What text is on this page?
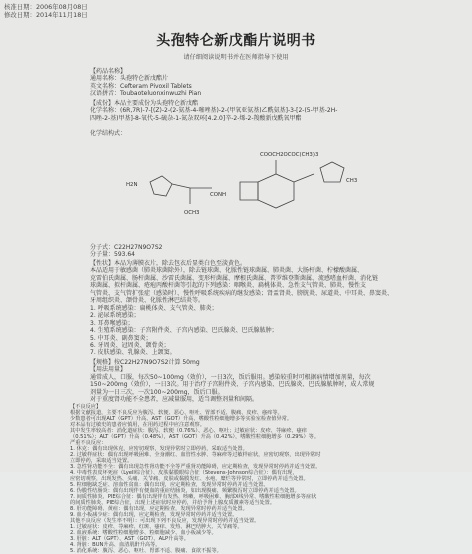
核准日期：2006年08月08日
修改日期：2014年11月18日
头孢特仑新戊酯片说明书
请仔细阅读说明书并在医师指导下使用
【药品名称】
通用名称：头孢特仑新戊酯片
英文名称：Cefteram Pivoxil Tablets
汉语拼音：Toubaoteluonxinwuzhi Pian
【成份】本品主要成份为头孢特仑新戊酯
化学名称：(6R,7R)-7-[(Z)-2-(2-氨基-4-噻唑基)-2-(甲氧亚氨基)乙酰氨基]-3-[2-(5-甲基-2H-
四唑-2-基)甲基]-8-氧代-5-硫杂-1-氮杂双环[4.2.0]辛-2-烯-2-羧酸新戊酰氧甲酯
化学结构式：
COOCH2OCOC(CH3)3
H2N
CONH
OCH3
CH3
分子式：C22H27N9O7S2
分子量：593.64
【性状】本品为薄膜衣片，除去包衣后显类白色至淡黄色。
本品适用于敏感菌（肺炎球菌除外），除去链球菌、化脓性链球菌属、肺炎菌、大肠杆菌、柠檬酸菌属、
克雷伯氏菌属、肠杆菌属、沙雷氏菌属、变形杆菌属、摩根氏菌属、普罗维登斯菌属、流感嗜血杆菌、消化链
球菌属、拟杆菌属、疮疱丙酸杆菌等引起的下列感染：咽喉炎、扁桃体炎、急性支气管炎、肺炎、慢性支
气管炎、支气管扩张症（感染时）、慢性呼吸系统疾病的继发感染；肾盂肾炎、膀胱炎、尿道炎、中耳炎、鼻窦炎、
牙周组织炎、颌骨炎、化脓性淋巴结炎等。
1. 呼吸系统感染：扁桃体炎、支气管炎、肺炎；
2. 泌尿系统感染；
3. 耳鼻喉感染；
4. 生殖系统感染：子宫附件炎、子宫内感染、巴氏腺炎、巴氏腺脓肿；
5. 中耳炎、副鼻窦炎；
6. 牙周炎、冠周炎、颌骨炎；
7. 皮肤感染、乳腺炎、上颌窦。
【规格】按C22H27N9O7S2计算 50mg
【用法用量】
通常成人，口服，每次50~100mg（效价），一日3次，饭后服用。感染较重时可根据病情增加剂量，每次
150~200mg（效价），一日3次。用于治疗子宫附件炎、子宫内感染、巴氏腺炎、巴氏腺脓肿时，成人常规
剂量为一日三次，一次100~200mg，饭后口服。
对于重度肾功能不全患者，应减量服用，适当调整剂量和间隔。
【不良反应】
根据文献报道，主要不良反应为腹泻、软便、恶心、呕吐、胃部不适、腹痛、皮疹、瘙痒等。
少数患者可出现ALT（GPT）升高、AST（GOT）升高、嗜酸性粒细胞增多等实验室检查值异常。
对本品有过敏史的患者应慎用，在用药过程中应注意观察。
其中发生率较高者：消化道症状：腹泻、软便（0.76%）、恶心、呕吐；过敏症状：皮疹、荨麻疹、瘙痒
（0.51%）；ALT（GPT）升高（0.48%），AST（GOT）升高（0.42%），嗜酸性粒细胞增多（0.29%）等。
严重不良反应：
1. 休克：偶有出现休克，应密切观察，发现异常时立即停药，采取适当处置。
2. 过敏样症状：偶有出现呼吸困难、全身潮红、血管性水肿、荨麻疹等过敏样症状，应密切观察，出现异常时
立即停药，采取适当处置。
3. 急性肾功能不全：偶有出现急性肾功能不全等严重肾功能障碍，应定期检查，发现异常时停药并适当处置。
4. 中毒性表皮坏死症（Lyell综合征）、皮肤黏膜眼综合征（Stevens-Johnson综合征）：偶有出现，
应密切观察，出现发热、头痛、关节痛、皮肤或黏膜发红、水疱、糜烂等异常时，立即停药并适当处置。
5. 粒细胞缺乏症、溶血性贫血：偶有出现，应定期检查，发现异常时停药并适当处置。
6. 伪膜性结肠炎：偶有出现伴有便血的重症结肠炎，如出现腹痛、频繁腹泻时立即停药并适当处置。
7. 间质性肺炎、PIE综合征：偶有出现伴有发热、咳嗽、呼吸困难、胸部X线异常、嗜酸性粒细胞增多等症状
的间质性肺炎、PIE综合征，出现上述症状时应停药，并给予肾上腺皮质激素等适当处置。
8. 肝功能障碍、黄疸：偶有出现，应定期检查，发现异常时停药并适当处置。
9. 血小板减少症：偶有出现，应定期检查，发现异常时停药并适当处置。
其他不良反应（发生率不明）：可出现下列不良反应，发现异常时停药并适当处置。
1. 过敏症状：皮疹、荨麻疹、红斑、瘙痒、发热、淋巴结肿大、关节痛等。
2. 血液系统：嗜酸性粒细胞增多、粒细胞减少、血小板减少等。
3. 肝脏：ALT（GPT）、AST（GOT）、ALP升高等。
4. 肾脏：BUN升高、血清肌酐升高等。
5. 消化系统：腹泻、恶心、呕吐、胃部不适、腹痛、食欲不振等。
